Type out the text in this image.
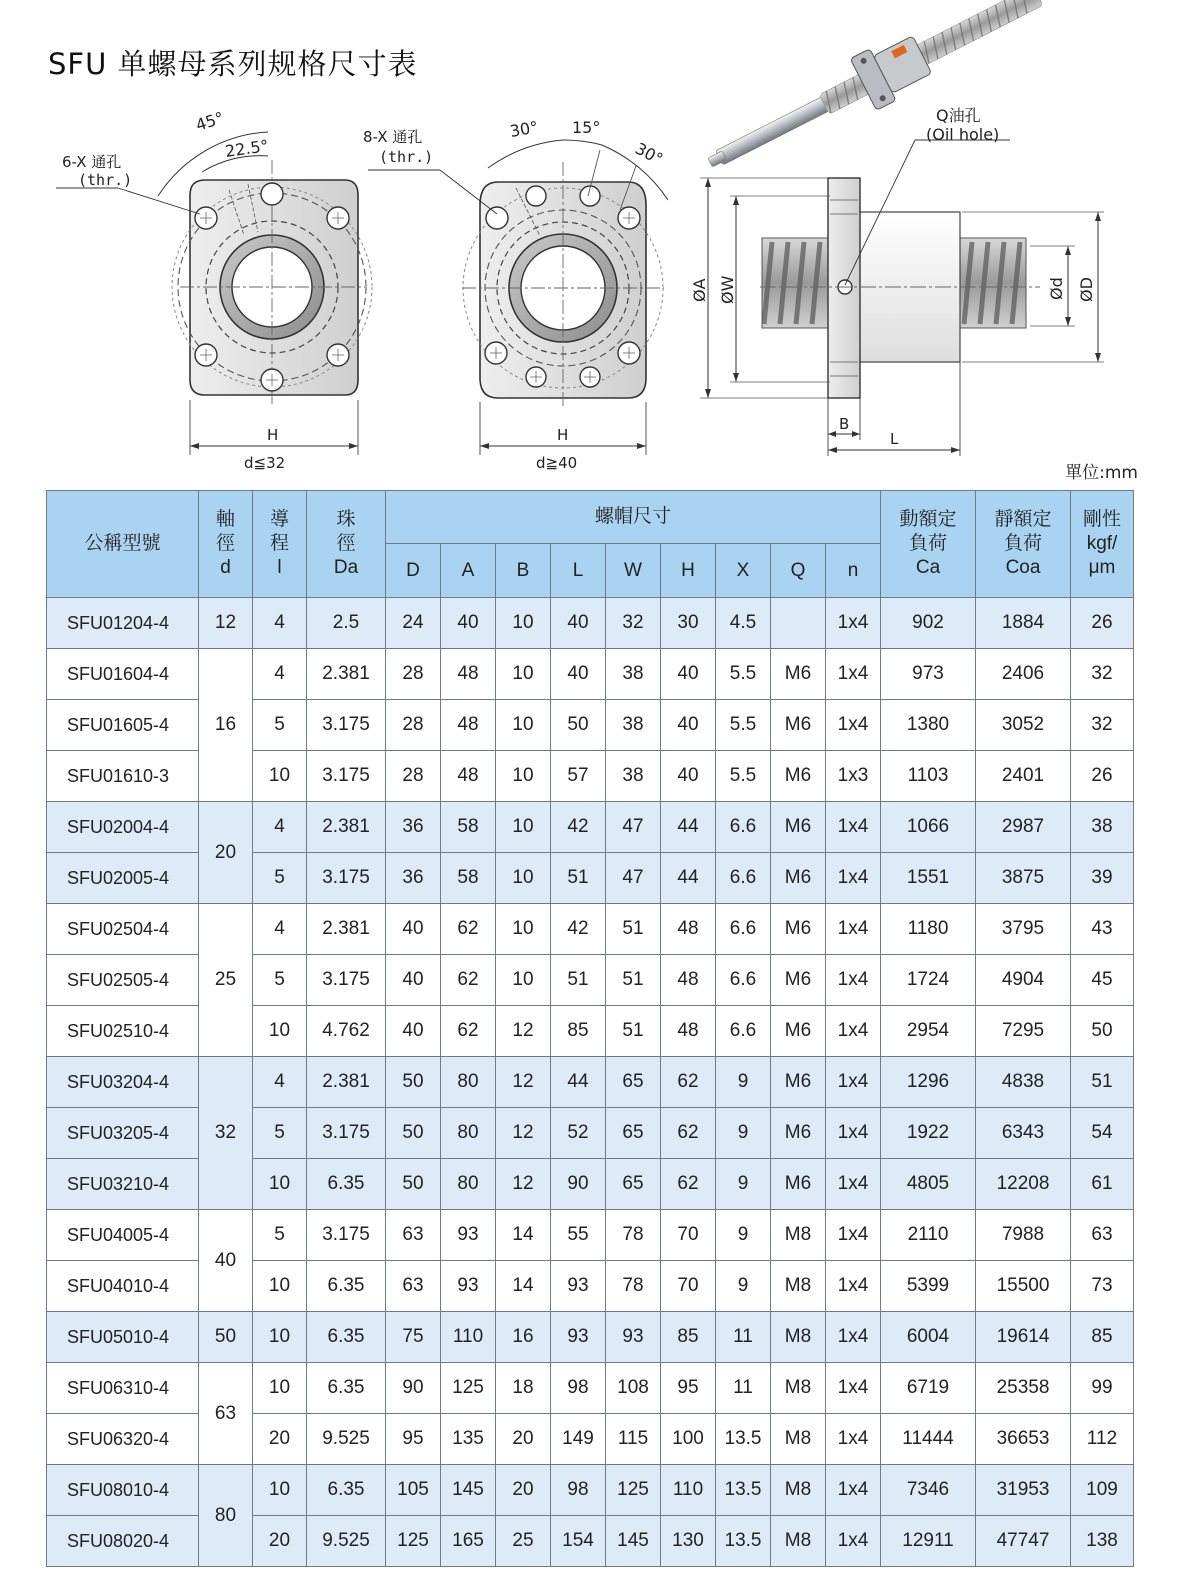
SFU 单螺母系列规格尺寸表
6-X 通孔
(thr.)
45°
22.5°
H
d≦32
8-X 通孔
(thr.)
30° 15°
30°
H
d≧40
Q油孔
(Oil hole)
ØA ØW	Ød ØD
B
L
單位:mm
公稱型號	軸
徑
d	導
程
l	珠
徑
Da	螺帽尺寸									動額定
負荷
Ca	靜額定
負荷
Coa	剛性
kgf/
μm

				D	A	B	L	W	H	X	Q	n			
SFU01204-4	12	4	2.5	24	40	10	40	32	30	4.5		1x4	902	1884	26
SFU01604-4	16	4	2.381	28	48	10	40	38	40	5.5	M6	1x4	973	2406	32
SFU01605-4		5	3.175	28	48	10	50	38	40	5.5	M6	1x4	1380	3052	32
SFU01610-3		10	3.175	28	48	10	57	38	40	5.5	M6	1x3	1103	2401	26
SFU02004-4	20	4	2.381	36	58	10	42	47	44	6.6	M6	1x4	1066	2987	38
SFU02005-4		5	3.175	36	58	10	51	47	44	6.6	M6	1x4	1551	3875	39
SFU02504-4	25	4	2.381	40	62	10	42	51	48	6.6	M6	1x4	1180	3795	43
SFU02505-4		5	3.175	40	62	10	51	51	48	6.6	M6	1x4	1724	4904	45
SFU02510-4		10	4.762	40	62	12	85	51	48	6.6	M6	1x4	2954	7295	50
SFU03204-4	32	4	2.381	50	80	12	44	65	62	9	M6	1x4	1296	4838	51
SFU03205-4		5	3.175	50	80	12	52	65	62	9	M6	1x4	1922	6343	54
SFU03210-4		10	6.35	50	80	12	90	65	62	9	M6	1x4	4805	12208	61
SFU04005-4	40	5	3.175	63	93	14	55	78	70	9	M8	1x4	2110	7988	63
SFU04010-4		10	6.35	63	93	14	93	78	70	9	M8	1x4	5399	15500	73
SFU05010-4	50	10	6.35	75	110	16	93	93	85	11	M8	1x4	6004	19614	85
SFU06310-4	63	10	6.35	90	125	18	98	108	95	11	M8	1x4	6719	25358	99
SFU06320-4		20	9.525	95	135	20	149	115	100	13.5	M8	1x4	11444	36653	112
SFU08010-4	80	10	6.35	105	145	20	98	125	110	13.5	M8	1x4	7346	31953	109
SFU08020-4		20	9.525	125	165	25	154	145	130	13.5	M8	1x4	12911	47747	138
